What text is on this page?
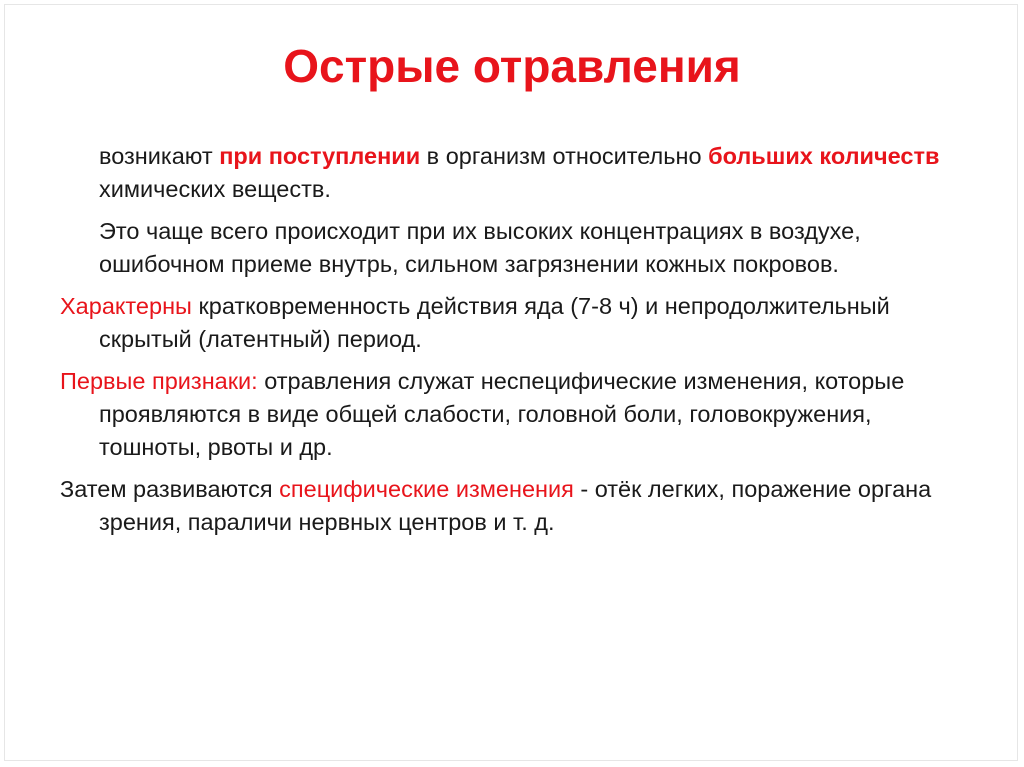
Острые отравления

возникают при поступлении в организм относительно больших количеств химических веществ.

Это чаще всего происходит при их высоких концентрациях в воздухе, ошибочном приеме внутрь, сильном загрязнении кожных покровов.

Характерны кратковременность действия яда (7-8 ч) и непродолжительный скрытый (латентный) период.

Первые признаки: отравления служат неспецифические изменения, которые проявляются в виде общей слабости, головной боли, головокружения, тошноты, рвоты и др.

Затем развиваются специфические изменения - отёк легких, поражение органа зрения, параличи нервных центров и т. д.
